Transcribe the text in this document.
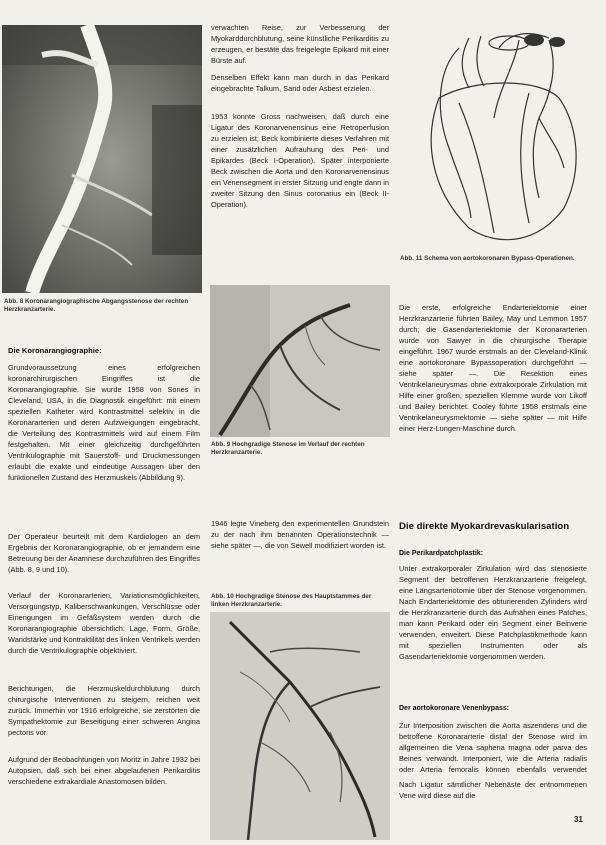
Abb. 8 Koronarangiographische Abgangsstenose der rechten Herzkranzarterie.
verwachten Reise, zur Verbesserung der Myokarddurchblutung, seine künstliche Perikarditis zu erzeugen, er bestäte das freigelegte Epikard mit einer Bürste auf.
Denselben Effekt kann man durch in das Perikard eingebrachte Talkum, Sand oder Asbest erzielen.
1953 konnte Gross nachweisen, daß durch eine Ligatur des Koronarvenensinus eine Retroperfusion zu erzielen ist; Beck kombinierte dieses Verfahren mit einer zusätzlichen Aufrauhung des Peri- und Epikardes (Beck I-Operation). Später interponierte Beck zwischen die Aorta und den Koronarvenensinus ein Venensegment in erster Sitzung und engte dann in zweiter Sitzung den Sinus coronarius ein (Beck II-Operation).
Abb. 11 Schema von aortokoronaren Bypass-Operationen.
Die Koronarangiographie:
Grundvoraussetzung eines erfolgreichen koronarchirurgischen Eingriffes ist die Koronarangiographie. Sie wurde 1958 von Sones in Cleveland, USA, in die Diagnostik eingeführt: mit einem speziellen Katheter wird Kontrastmittel selektiv in die Koronararterien und deren Aufzweigungen eingebracht, die Verteilung des Kontrastmittels wird auf einem Film festgehalten. Mit einer gleichzeitig durchgeführten Ventrikulographie mit Sauerstoff- und Druckmessungen erlaubt die exakte und eindeutige Aussagen über den funktionellen Zustand des Herzmuskels (Abbildung 9).
Der Operateur beurteilt mit dem Kardiologen an dem Ergebnis der Koronarangiographie, ob er jemandem eine Betreuung bei der Anamnese durchzuführen des Eingriffes (Abb. 8, 9 und 10).
Verlauf der Koronararterien, Variationsmöglichkeiten, Versorgungstyp, Kaliberschwankungen, Verschlüsse oder Einengungen im Gefäßsystem werden durch die Koronarangiographie übersichtlich: Lage, Form, Größe, Wandstärke und Kontraktilität des linken Ventrikels werden durch die Ventrikulographie objektiviert.
Berichtungen, die Herzmuskeldurchblutung durch chirurgische Interventionen zu steigern, reichen weit zurück. Immerhin vor 1916 erfolgreiche, sie zerstörten die Sympathektomie zur Beseitigung einer schweren Angina pectoris vor.
Aufgrund der Beobachtungen von Moritz in Jahre 1932 bei Autopsien, daß sich bei einer abgelaufenen Perikarditis verschiedene extrakardiale Anastomosen bilden.
Abb. 9 Hochgradige Stenose im Verlauf der rechten Herzkranzarterie.
1946 legte Vineberg den experimentellen Grundstein zu der nach ihm benannten Operationstechnik — siehe später —, die von Sewell modifiziert worden ist.
Abb. 10 Hochgradige Stenose des Hauptstammes der linken Herzkranzarterie.
Die erste, erfolgreiche Endarteriektomie einer Herzkranzarterie führten Bailey, May und Lemmon 1957 durch; die Gasendarteriektomie der Koronararterien wurde von Sawyer in die chirurgische Therapie eingeführt. 1967 wurde erstmals an der Cleveland-Klinik eine aortokoronare Bypassoperation durchgeführt — siehe später —. Die Resektion eines Ventrikelaneurysmas ohne extrakorporale Zirkulation mit Hilfe einer großen, speziellen Klemme wurde von Likoff und Bailey berichtet. Cooley führte 1958 erstmals eine Ventrikelaneurysmektomie — siehe später — mit Hilfe einer Herz-Lungen-Maschine durch.
Die direkte Myokardrevaskularisation
Die Perikardpatchplastik:
Unter extrakorporaler Zirkulation wird das stenosierte Segment der betroffenen Herzkranzarterie freigelegt, eine Längsarteriotomie über der Stenose vorgenommen. Nach Endarteriektomie des obturierenden Zylinders wird die Herzkranzarterie durch das Aufnähen eines Patches, man kann Perikard oder ein Segment einer Beinvene verwenden, erweitert. Diese Patchplastikmethode kann mit speziellen Instrumenten oder als Gasendarteriektomie vorgenommen werden.
Der aortokoronare Venenbypass:
Zur Interposition zwischen die Aorta aszendens und die betroffene Koronararterie distal der Stenose wird im allgemeinen die Vena saphena magna oder parva des Beines verwandt. Interponiert, wie die Arteria radialis oder Arteria femoralis können ebenfalls verwendet
Nach Ligatur sämtlicher Nebenäste der entnommenen Vene wird diese auf die
31
